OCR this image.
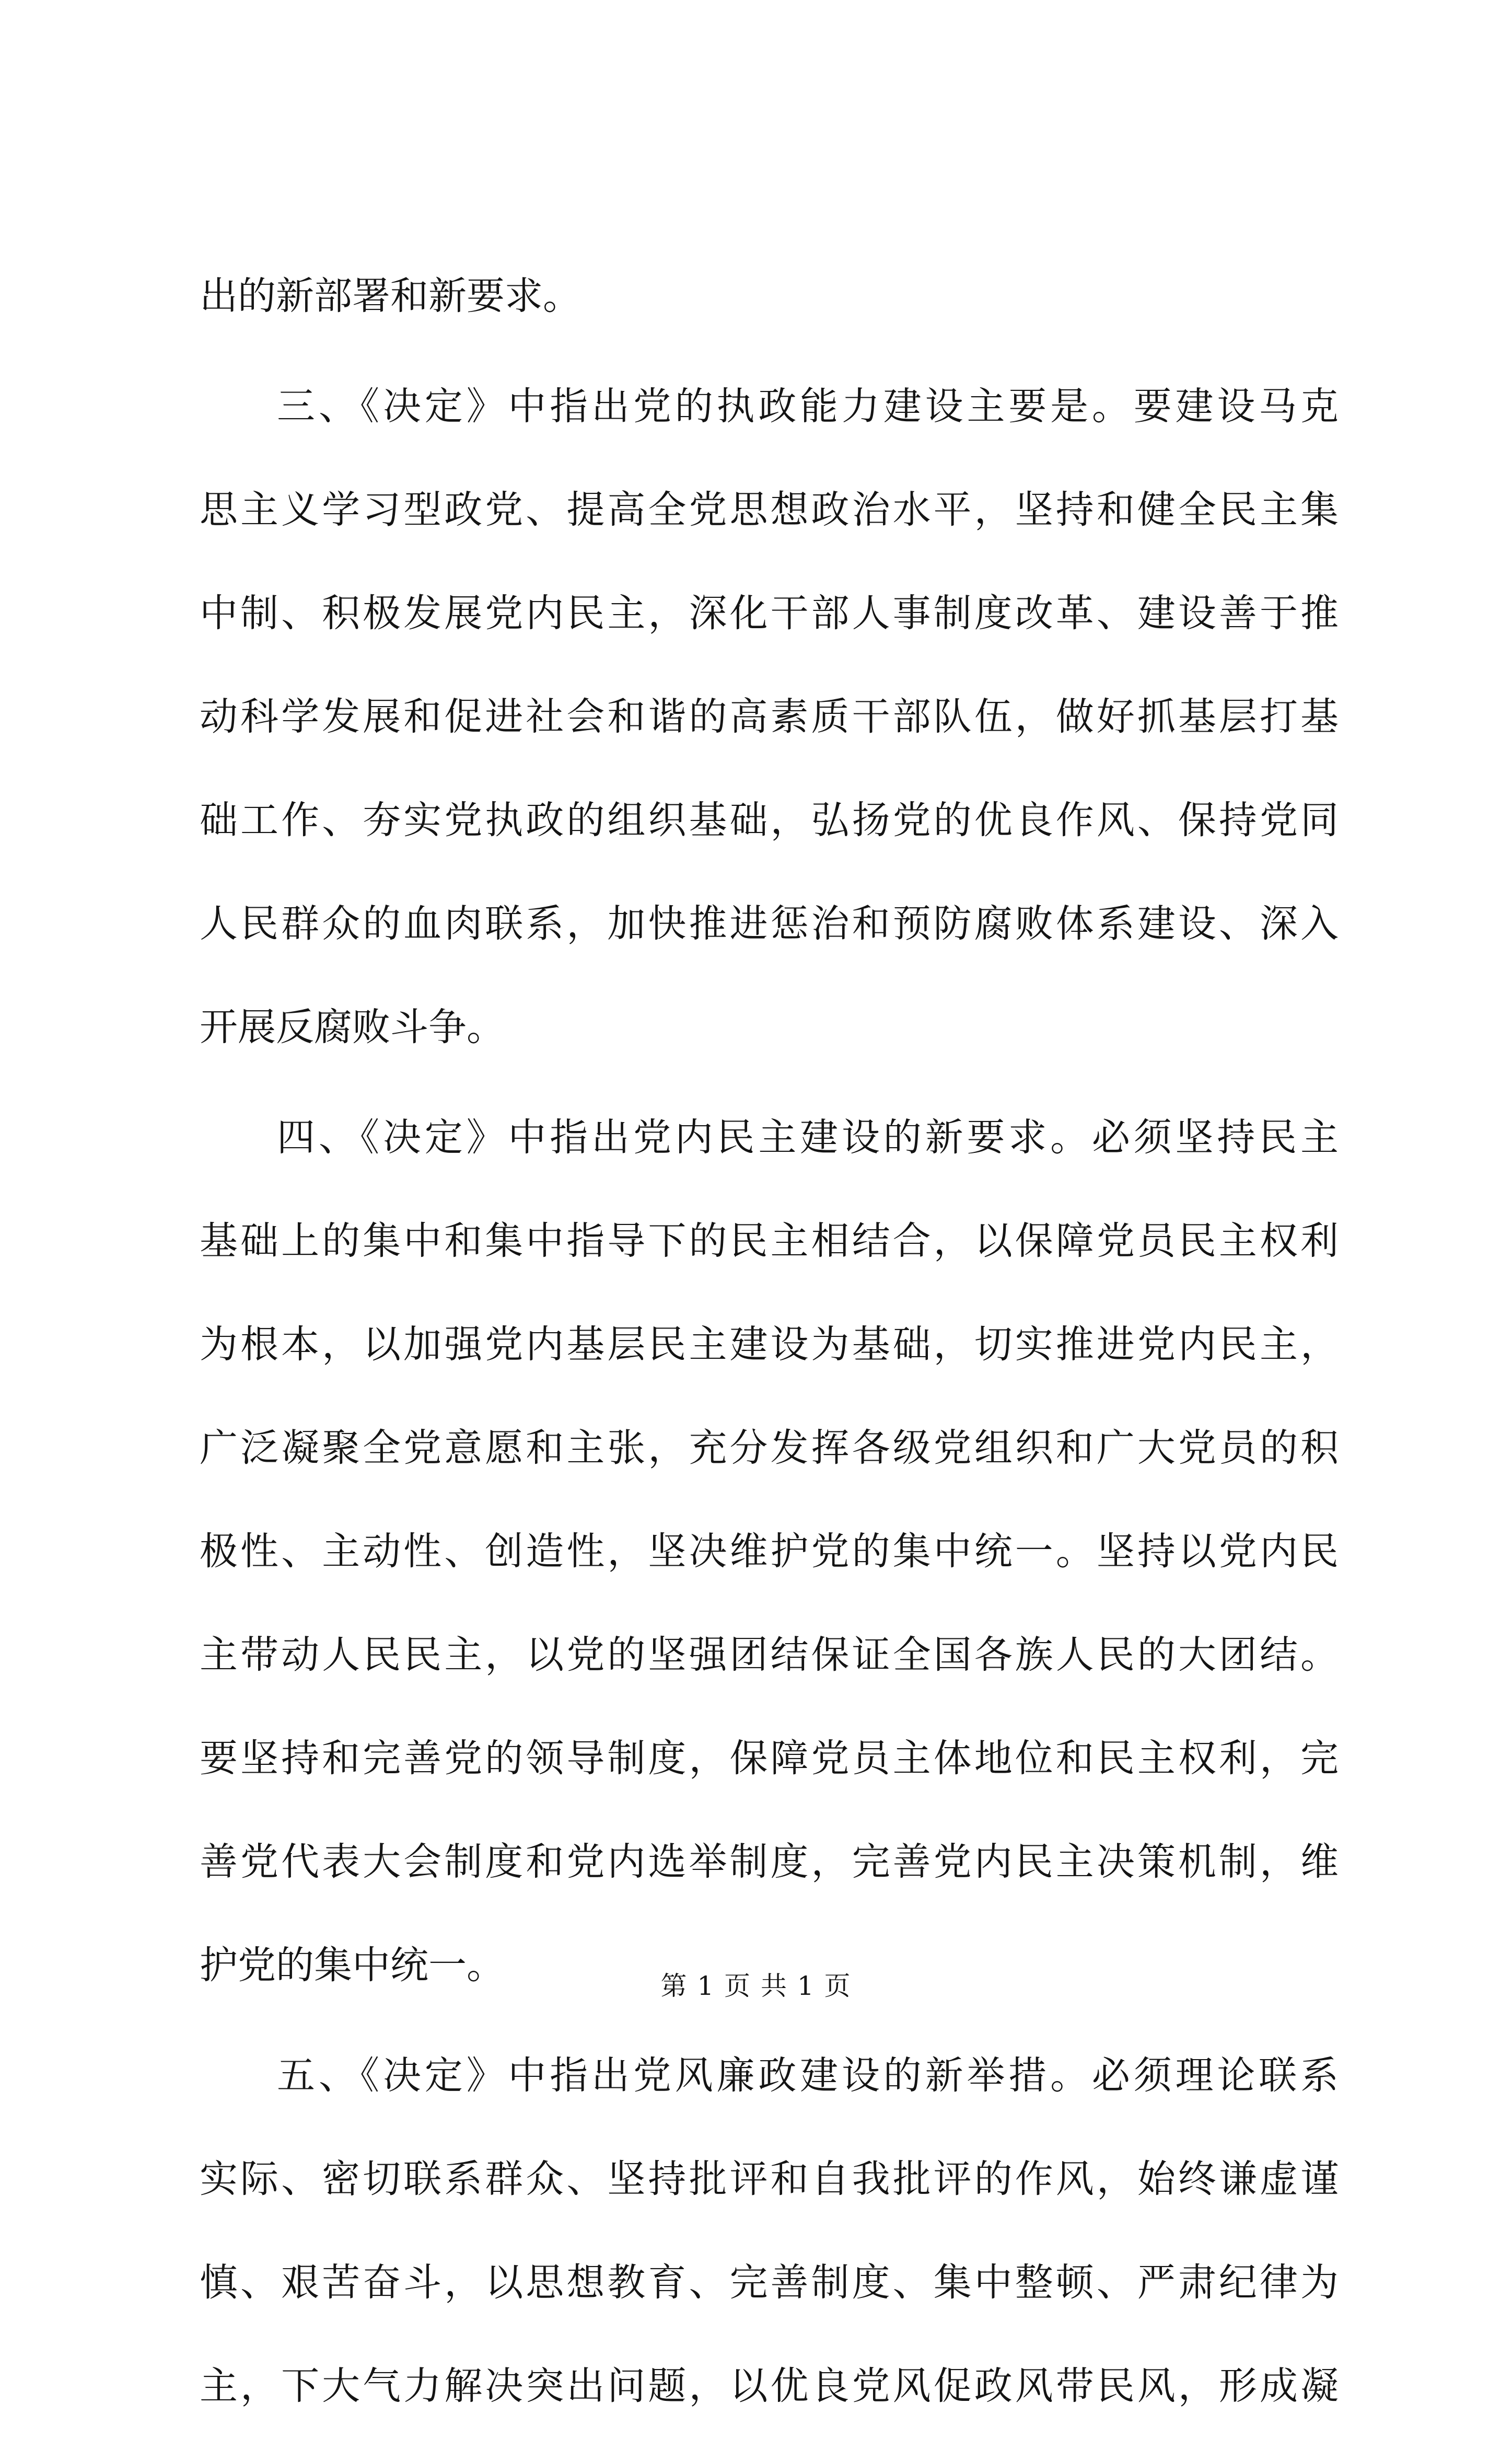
出的新部署和新要求。
三、《决定》中指出党的执政能力建设主要是。要建设马克
思主义学习型政党、提高全党思想政治水平，坚持和健全民主集
中制、积极发展党内民主，深化干部人事制度改革、建设善于推
动科学发展和促进社会和谐的高素质干部队伍，做好抓基层打基
础工作、夯实党执政的组织基础，弘扬党的优良作风、保持党同
人民群众的血肉联系，加快推进惩治和预防腐败体系建设、深入
开展反腐败斗争。
四、《决定》中指出党内民主建设的新要求。必须坚持民主
基础上的集中和集中指导下的民主相结合，以保障党员民主权利
为根本，以加强党内基层民主建设为基础，切实推进党内民主，
广泛凝聚全党意愿和主张，充分发挥各级党组织和广大党员的积
极性、主动性、创造性，坚决维护党的集中统一。坚持以党内民
主带动人民民主，以党的坚强团结保证全国各族人民的大团结。
要坚持和完善党的领导制度，保障党员主体地位和民主权利，完
善党代表大会制度和党内选举制度，完善党内民主决策机制，维
护党的集中统一。
五、《决定》中指出党风廉政建设的新举措。必须理论联系
实际、密切联系群众、坚持批评和自我批评的作风，始终谦虚谨
慎、艰苦奋斗，以思想教育、完善制度、集中整顿、严肃纪律为
主，下大气力解决突出问题，以优良党风促政风带民风，形成凝
第 1 页 共 1 页
